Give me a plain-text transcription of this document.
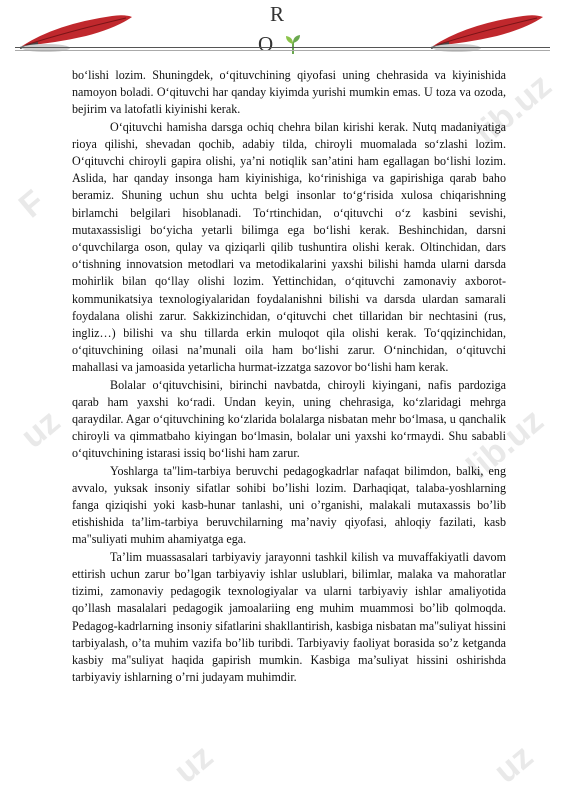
R
O
F
lib.uz
uz
uz
lib.uz
uz

bo‘lishi lozim. Shuningdek, o‘qituvchining qiyofasi uning chehrasida va kiyinishida namoyon boladi. O‘qituvchi har qanday kiyimda yurishi mumkin emas. U toza va ozoda, bejirim va latofatli kiyinishi kerak.

O‘qituvchi hamisha darsga ochiq chehra bilan kirishi kerak. Nutq madaniyatiga rioya qilishi, shevadan qochib, adabiy tilda, chiroyli muomalada so‘zlashi lozim. O‘qituvchi chiroyli gapira olishi, ya’ni notiqlik san’atini ham egallagan bo‘lishi lozim. Aslida, har qanday insonga ham kiyinishiga, ko‘rinishiga va gapirishiga qarab baho beramiz. Shuning uchun shu uchta belgi insonlar to‘g‘risida xulosa chiqarishning birlamchi belgilari hisoblanadi. To‘rtinchidan, o‘qituvchi o‘z kasbini sevishi, mutaxassisligi bo‘yicha yetarli bilimga ega bo‘lishi kerak. Beshinchidan, darsni o‘quvchilarga oson, qulay va qiziqarli qilib tushuntira olishi kerak. Oltinchidan, dars o‘tishning innovatsion metodlari va metodikalarini yaxshi bilishi hamda ularni darsda mohirlik bilan qo‘llay olishi lozim. Yettinchidan, o‘qituvchi zamonaviy axborot-kommunikatsiya texnologiyalaridan foydalanishni bilishi va darsda ulardan samarali foydalana olishi zarur. Sakkizinchidan, o‘qituvchi chet tillaridan bir nechtasini (rus, ingliz…) bilishi va shu tillarda erkin muloqot qila olishi kerak. To‘qqizinchidan, o‘qituvchining oilasi na’munali oila ham bo‘lishi zarur. O‘ninchidan, o‘qituvchi mahallasi va jamoasida yetarlicha hurmat-izzatga sazovor bo‘lishi ham kerak.

Bolalar o‘qituvchisini, birinchi navbatda, chiroyli kiyingani, nafis pardoziga qarab ham yaxshi ko‘radi. Undan keyin, uning chehrasiga, ko‘zlaridagi mehrga qaraydilar. Agar o‘qituvchining ko‘zlarida bolalarga nisbatan mehr bo‘lmasa, u qanchalik chiroyli va qimmatbaho kiyingan bo‘lmasin, bolalar uni yaxshi ko‘rmaydi. Shu sababli o‘qituvchining istarasi issiq bo‘lishi ham zarur.

Yoshlarga ta"lim-tarbiya beruvchi pedagogkadrlar nafaqat bilimdon, balki, eng avvalo, yuksak insoniy sifatlar sohibi bo’lishi lozim. Darhaqiqat, talaba-yoshlarning fanga qiziqishi yoki kasb-hunar tanlashi, uni o’rganishi, malakali mutaxassis bo’lib etishishida ta’lim-tarbiya beruvchilarning ma’naviy qiyofasi, ahloqiy fazilati, kasb ma"suliyati muhim ahamiyatga ega.

Ta’lim muassasalari tarbiyaviy jarayonni tashkil kilish va muvaffakiyatli davom ettirish uchun zarur bo’lgan tarbiyaviy ishlar uslublari, bilimlar, malaka va mahoratlar tizimi, zamonaviy pedagogik texnologiyalar va ularni tarbiyaviy ishlar amaliyotida qo’llash masalalari pedagogik jamoalariing eng muhim muammosi bo’lib qolmoqda. Pedagog-kadrlarning insoniy sifatlarini shakllantirish, kasbiga nisbatan ma"suliyat hissini tarbiyalash, o’ta muhim vazifa bo’lib turibdi. Tarbiyaviy faoliyat borasida so’z ketganda kasbiy ma"suliyat haqida gapirish mumkin. Kasbiga ma’suliyat hissini oshirishda tarbiyaviy ishlarning o’rni judayam muhimdir.
